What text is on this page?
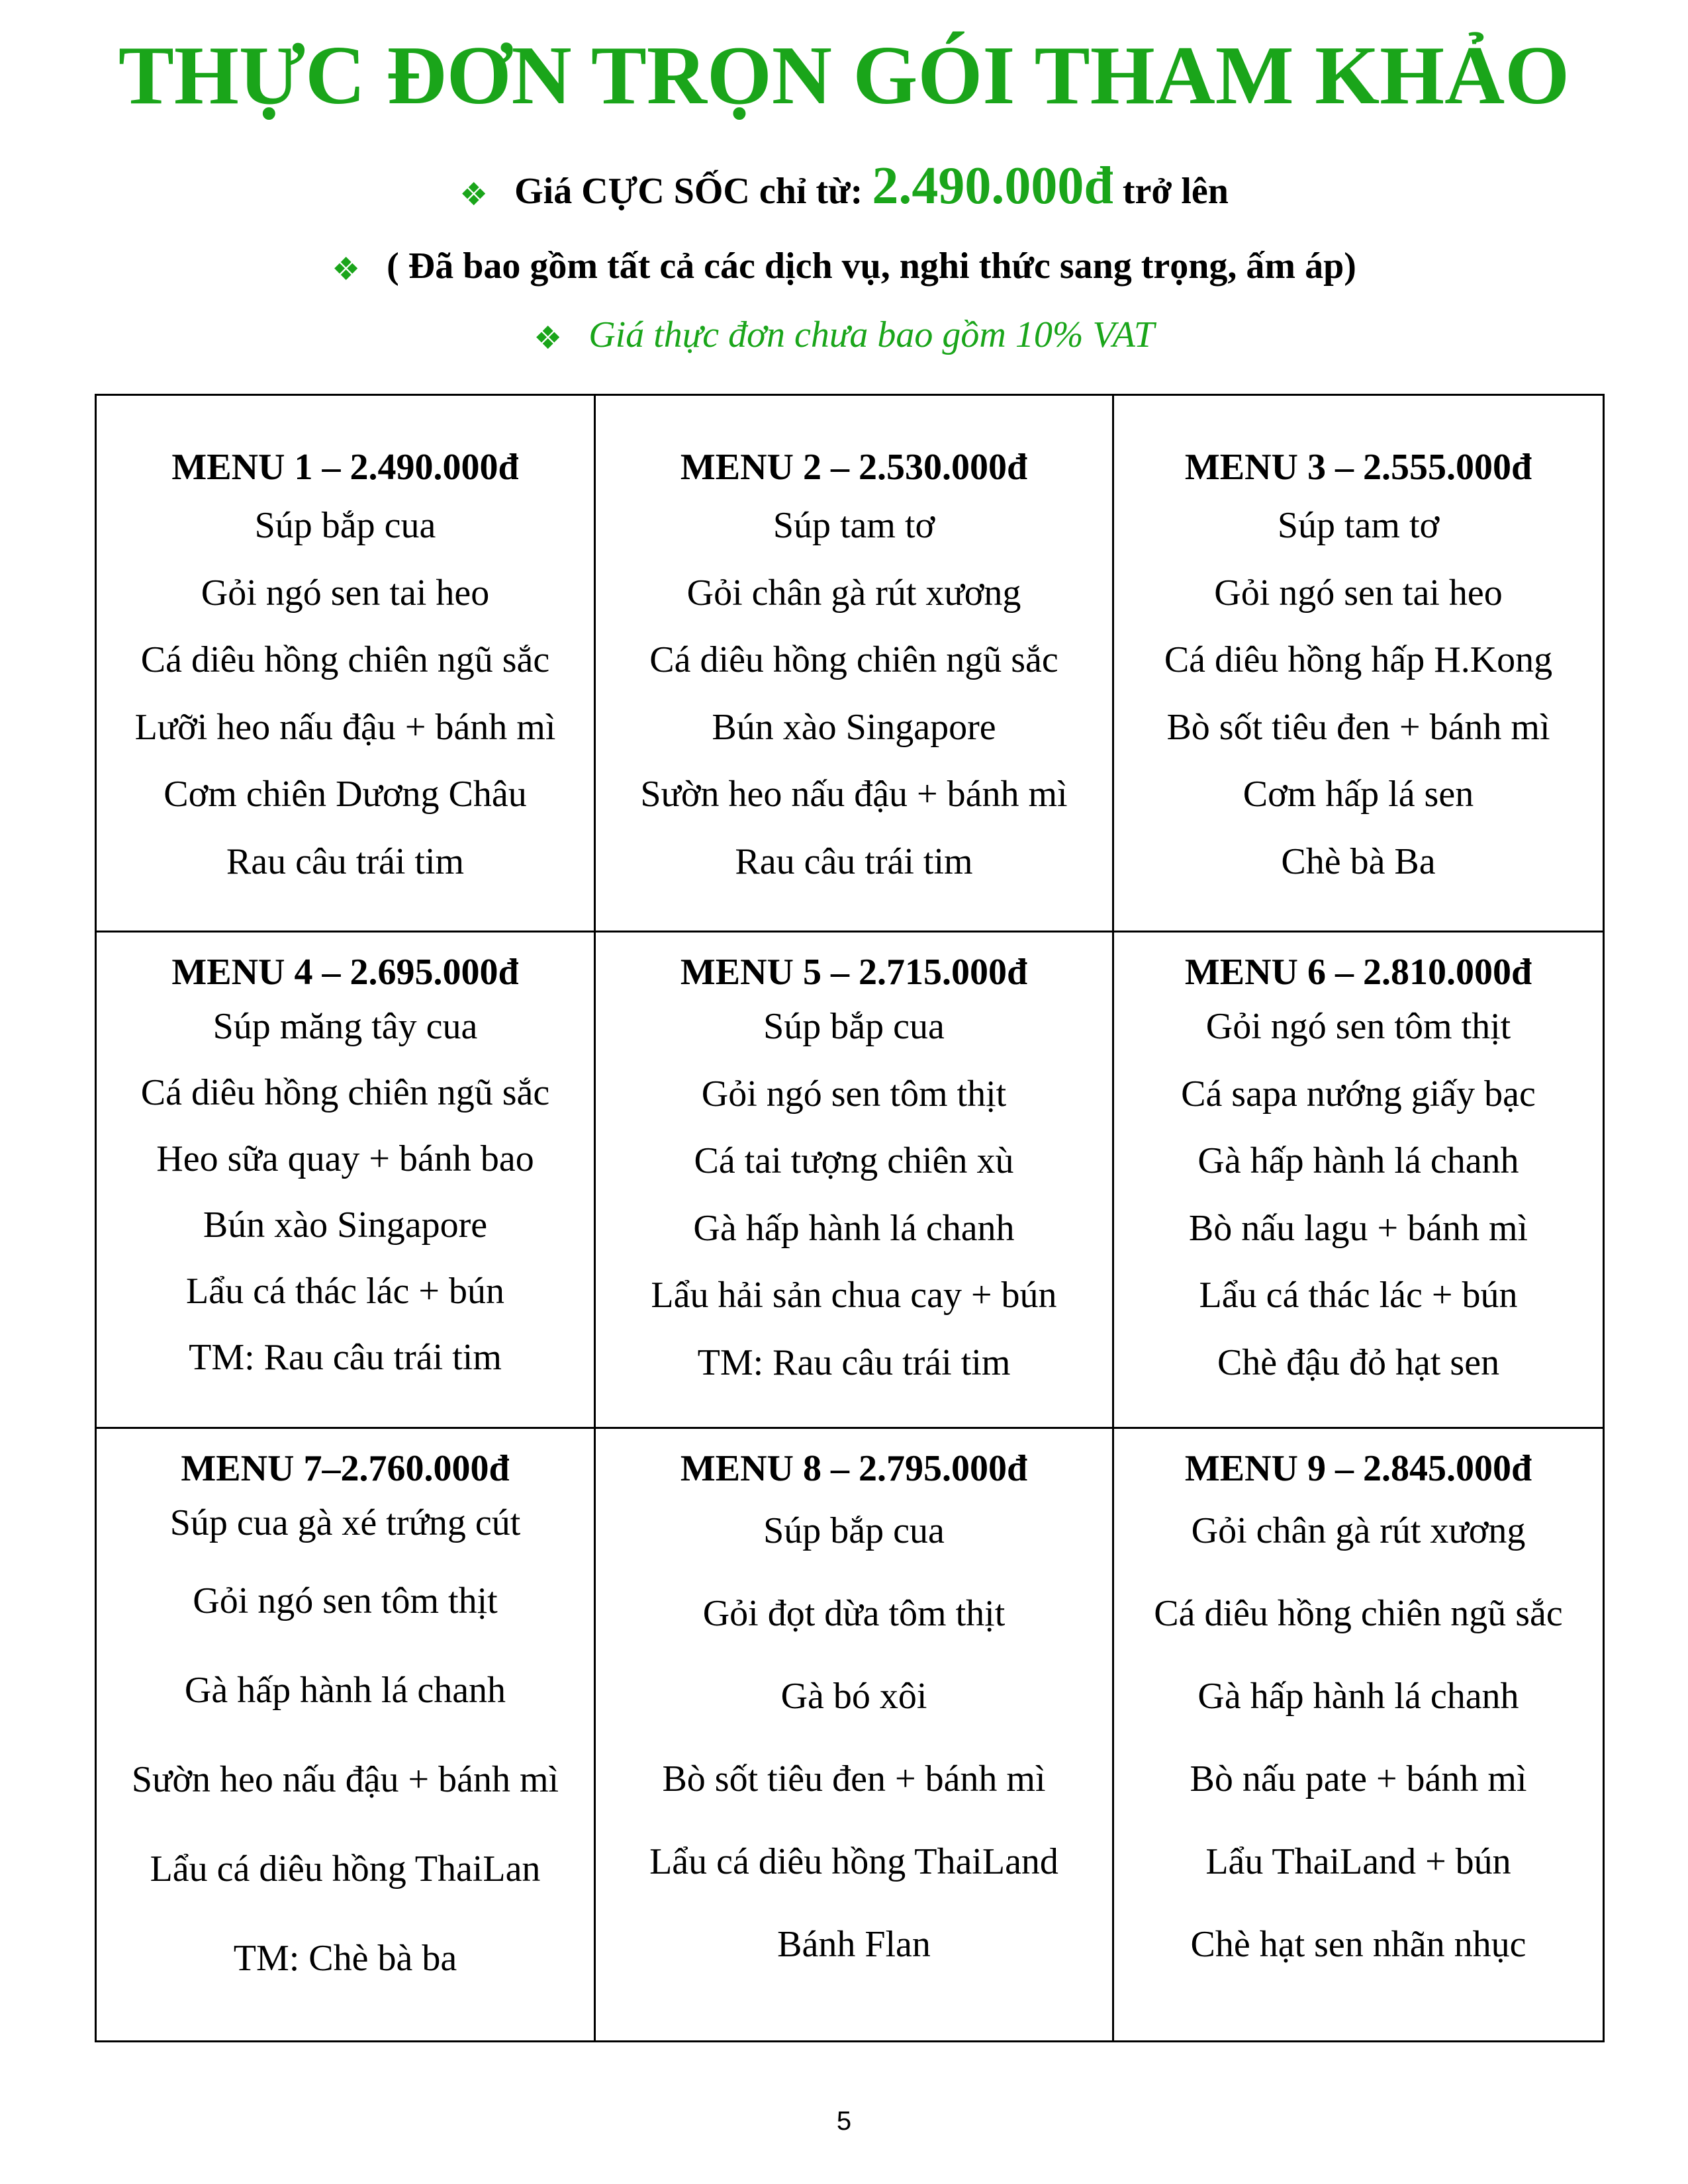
THỰC ĐƠN TRỌN GÓI THAM KHẢO
❖ Giá CỰC SỐC chỉ từ: 2.490.000đ trở lên
❖ ( Đã bao gồm tất cả các dịch vụ, nghi thức sang trọng, ấm áp)
❖ Giá thực đơn chưa bao gồm 10% VAT
MENU 1 – 2.490.000đ
Súp bắp cua
Gỏi ngó sen tai heo
Cá diêu hồng chiên ngũ sắc
Lưỡi heo nấu đậu + bánh mì
Cơm chiên Dương Châu
Rau câu trái tim
MENU 2 – 2.530.000đ
Súp tam tơ
Gỏi chân gà rút xương
Cá diêu hồng chiên ngũ sắc
Bún xào Singapore
Sườn heo nấu đậu + bánh mì
Rau câu trái tim
MENU 3 – 2.555.000đ
Súp tam tơ
Gỏi ngó sen tai heo
Cá diêu hồng hấp H.Kong
Bò sốt tiêu đen + bánh mì
Cơm hấp lá sen
Chè bà Ba
MENU 4 – 2.695.000đ
Súp măng tây cua
Cá diêu hồng chiên ngũ sắc
Heo sữa quay + bánh bao
Bún xào Singapore
Lẩu cá thác lác + bún
TM: Rau câu trái tim
MENU 5 – 2.715.000đ
Súp bắp cua
Gỏi ngó sen tôm thịt
Cá tai tượng chiên xù
Gà hấp hành lá chanh
Lẩu hải sản chua cay + bún
TM: Rau câu trái tim
MENU 6 – 2.810.000đ
Gỏi ngó sen tôm thịt
Cá sapa nướng giấy bạc
Gà hấp hành lá chanh
Bò nấu lagu + bánh mì
Lẩu cá thác lác + bún
Chè đậu đỏ hạt sen
MENU 7–2.760.000đ
Súp cua gà xé trứng cút
Gỏi ngó sen tôm thịt
Gà hấp hành lá chanh
Sườn heo nấu đậu + bánh mì
Lẩu cá diêu hồng ThaiLan
TM: Chè bà ba
MENU 8 – 2.795.000đ
Súp bắp cua
Gỏi đọt dừa tôm thịt
Gà bó xôi
Bò sốt tiêu đen + bánh mì
Lẩu cá diêu hồng ThaiLand
Bánh Flan
MENU 9 – 2.845.000đ
Gỏi chân gà rút xương
Cá diêu hồng chiên ngũ sắc
Gà hấp hành lá chanh
Bò nấu pate + bánh mì
Lẩu ThaiLand + bún
Chè hạt sen nhãn nhục
5
